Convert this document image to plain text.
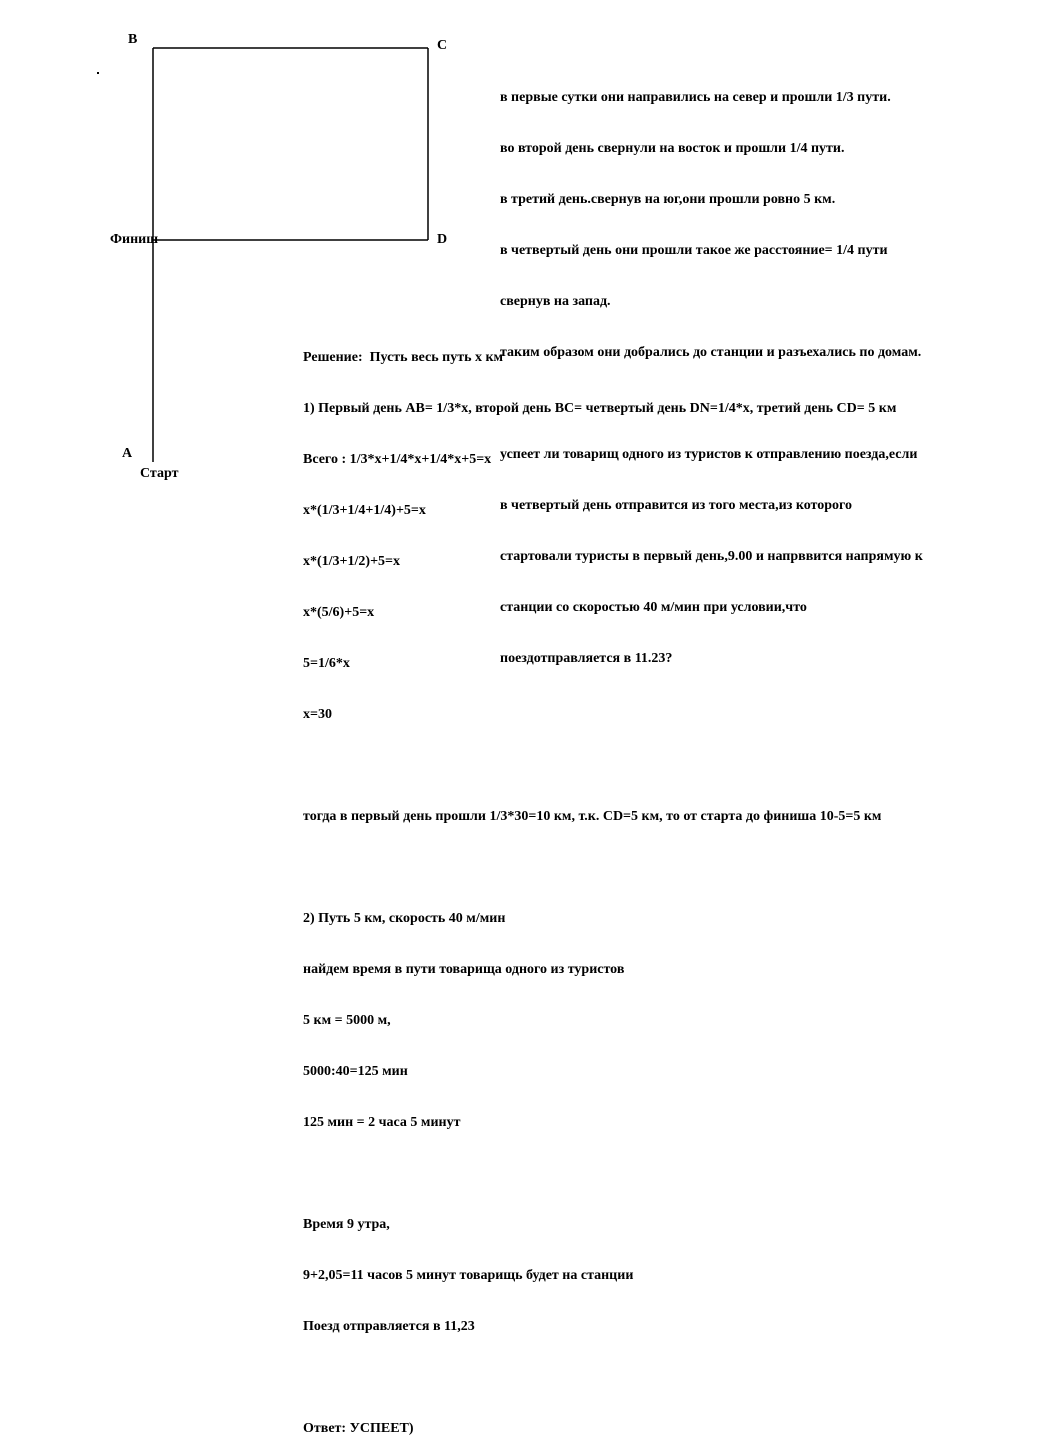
B	C
D
A
Финиш
Старт

в первые сутки они направились на север и прошли 1/3 пути.

во второй день свернули на восток и прошли 1/4 пути.

в третий день.свернув на юг,они прошли ровно 5 км.

в четвертый день они прошли такое же расстояние= 1/4 пути

свернув на запад.

таким образом они добрались до станции и разъехались по домам.

успеет ли товарищ одного из туристов к отправлению поезда,если

в четвертый день отправится из того места,из которого

стартовали туристы в первый день,9.00 и напрввится напрямую к

станции со скоростью 40 м/мин при условии,что

поездотправляется в 11.23?

Решение:  Пусть весь путь х км

1) Первый день АВ= 1/3*х, второй день ВС= четвертый день DN=1/4*x, третий день CD= 5 км

Всего : 1/3*x+1/4*x+1/4*x+5=x

x*(1/3+1/4+1/4)+5=x

x*(1/3+1/2)+5=x

x*(5/6)+5=x

5=1/6*x

x=30

тогда в первый день прошли 1/3*30=10 км, т.к. CD=5 км, то от старта до финиша 10-5=5 км

2) Путь 5 км, скорость 40 м/мин

найдем время в пути товарища одного из туристов

5 км = 5000 м,

5000:40=125 мин

125 мин = 2 часа 5 минут

Время 9 утра,

9+2,05=11 часов 5 минут товарищь будет на станции

Поезд отправляется в 11,23

Ответ: УСПЕЕТ)
